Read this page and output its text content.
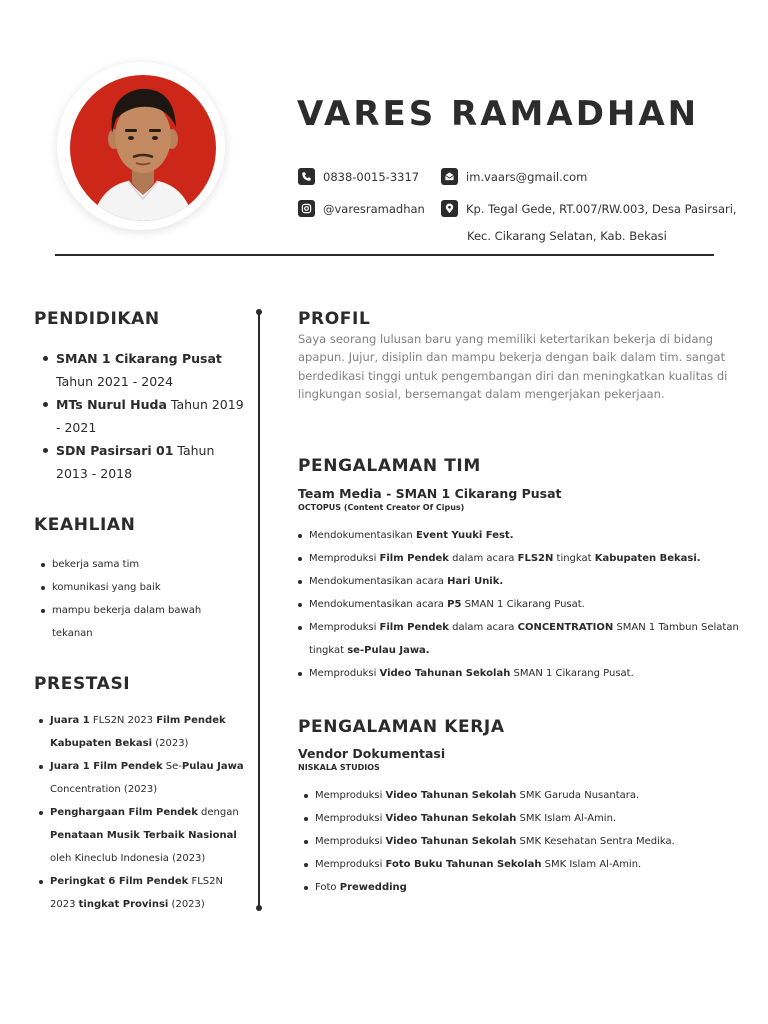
VARES RAMADHAN
0838-0015-3317	im.vaars@gmail.com
@varesramadhan	Kp. Tegal Gede, RT.007/RW.003, Desa Pasirsari,
Kec. Cikarang Selatan, Kab. Bekasi
PENDIDIKAN
SMAN 1 Cikarang Pusat
Tahun 2021 - 2024
MTs Nurul Huda Tahun 2019 - 2021
SDN Pasirsari 01 Tahun 2013 - 2018
KEAHLIAN
bekerja sama tim
komunikasi yang baik
mampu bekerja dalam bawah tekanan
PRESTASI
Juara 1 FLS2N 2023 Film Pendek Kabupaten Bekasi (2023)
Juara 1 Film Pendek Se-Pulau Jawa Concentration (2023)
Penghargaan Film Pendek dengan Penataan Musik Terbaik Nasional oleh Kineclub Indonesia (2023)
Peringkat 6 Film Pendek FLS2N 2023 tingkat Provinsi (2023)
PROFIL
Saya seorang lulusan baru yang memiliki ketertarikan bekerja di bidang apapun. Jujur, disiplin dan mampu bekerja dengan baik dalam tim. sangat berdedikasi tinggi untuk pengembangan diri dan meningkatkan kualitas di lingkungan sosial, bersemangat dalam mengerjakan pekerjaan.
PENGALAMAN TIM
Team Media - SMAN 1 Cikarang Pusat
OCTOPUS (Content Creator Of Cipus)
Mendokumentasikan Event Yuuki Fest.
Memproduksi Film Pendek dalam acara FLS2N tingkat Kabupaten Bekasi.
Mendokumentasikan acara Hari Unik.
Mendokumentasikan acara P5 SMAN 1 Cikarang Pusat.
Memproduksi Film Pendek dalam acara CONCENTRATION SMAN 1 Tambun Selatan tingkat se-Pulau Jawa.
Memproduksi Video Tahunan Sekolah SMAN 1 Cikarang Pusat.
PENGALAMAN KERJA
Vendor Dokumentasi
NISKALA STUDIOS
Memproduksi Video Tahunan Sekolah SMK Garuda Nusantara.
Memproduksi Video Tahunan Sekolah SMK Islam Al-Amin.
Memproduksi Video Tahunan Sekolah SMK Kesehatan Sentra Medika.
Memproduksi Foto Buku Tahunan Sekolah SMK Islam Al-Amin.
Foto Prewedding
